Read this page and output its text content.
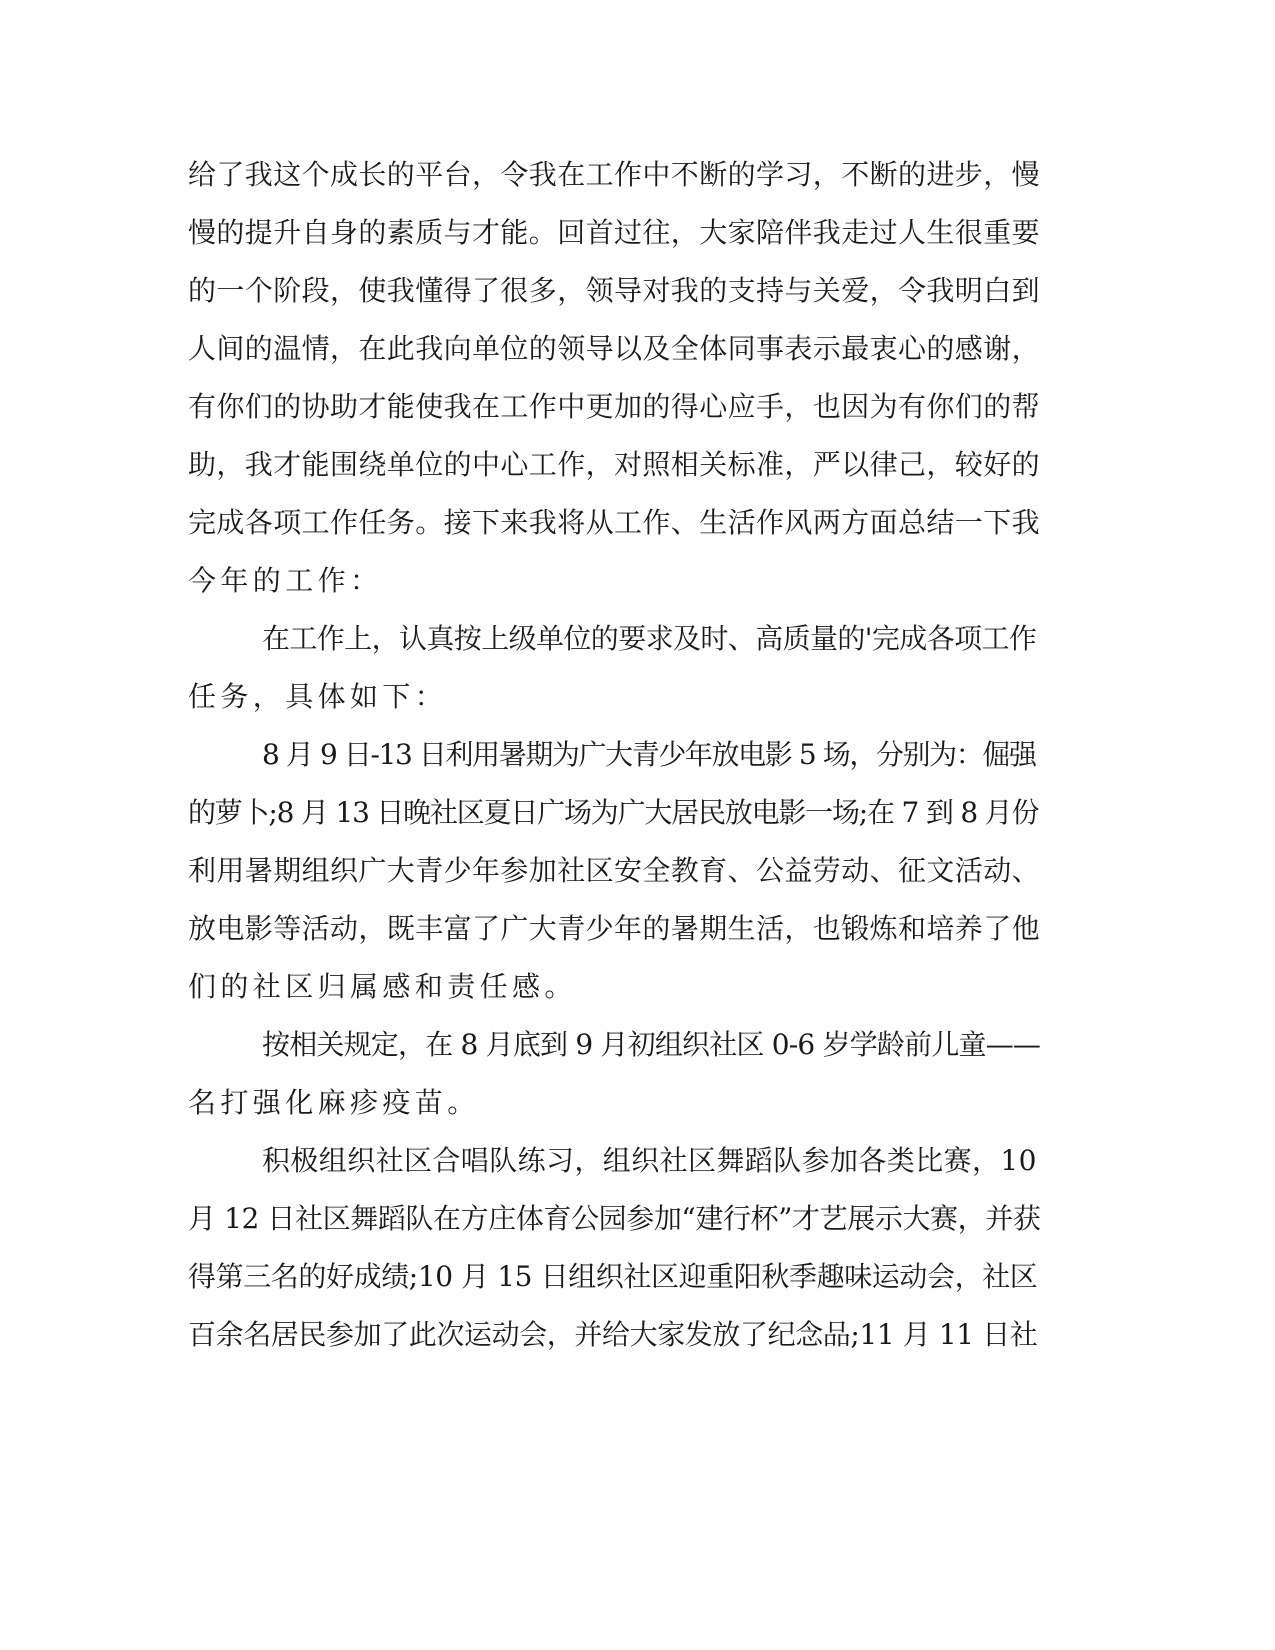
给了我这个成长的平台，令我在工作中不断的学习，不断的进步，慢
慢的提升自身的素质与才能。回首过往，大家陪伴我走过人生很重要
的一个阶段，使我懂得了很多，领导对我的支持与关爱，令我明白到
人间的温情，在此我向单位的领导以及全体同事表示最衷心的感谢，
有你们的协助才能使我在工作中更加的得心应手，也因为有你们的帮
助，我才能围绕单位的中心工作，对照相关标准，严以律己，较好的
完成各项工作任务。接下来我将从工作、生活作风两方面总结一下我
今年的工作：
在工作上，认真按上级单位的要求及时、高质量的'完成各项工作
任务，具体如下：
8 月 9 日-13 日利用暑期为广大青少年放电影 5 场，分别为：倔强
的萝卜;8 月 13 日晚社区夏日广场为广大居民放电影一场;在 7 到 8 月份
利用暑期组织广大青少年参加社区安全教育、公益劳动、征文活动、
放电影等活动，既丰富了广大青少年的暑期生活，也锻炼和培养了他
们的社区归属感和责任感。
按相关规定，在 8 月底到 9 月初组织社区 0-6 岁学龄前儿童——
名打强化麻疹疫苗。
积极组织社区合唱队练习，组织社区舞蹈队参加各类比赛，10
月 12 日社区舞蹈队在方庄体育公园参加“建行杯”才艺展示大赛，并获
得第三名的好成绩;10 月 15 日组织社区迎重阳秋季趣味运动会，社区
百余名居民参加了此次运动会，并给大家发放了纪念品;11 月 11 日社
